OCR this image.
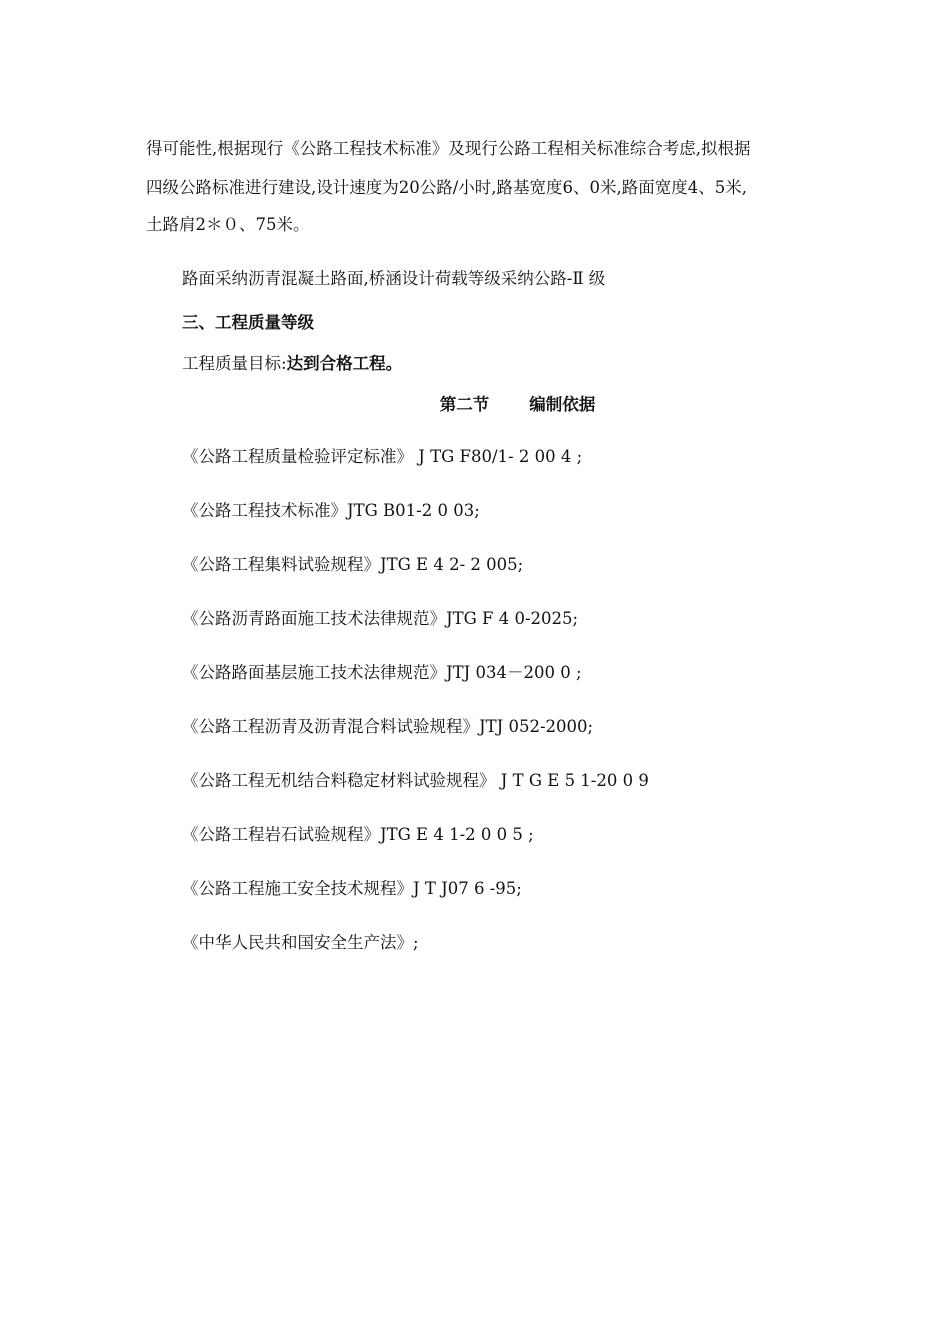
得可能性,根据现行《公路工程技术标准》及现行公路工程相关标准综合考虑,拟根据
四级公路标准进行建设,设计速度为20公路/小时,路基宽度6、0米,路面宽度4、5米,
土路肩2＊０、75米。
路面采纳沥青混凝土路面,桥涵设计荷载等级采纳公路-Ⅱ 级
三、工程质量等级
工程质量目标:达到合格工程。
第二节 编制依据
《公路工程质量检验评定标准》 J TG F80/1- 2 00 4 ;
《公路工程技术标准》JTG B01-2 0 03;
《公路工程集料试验规程》JTG E 4 2- 2 005;
《公路沥青路面施工技术法律规范》JTG F 4 0-2025;
《公路路面基层施工技术法律规范》JTJ 034－200 0 ;
《公路工程沥青及沥青混合料试验规程》JTJ 052-2000;
《公路工程无机结合料稳定材料试验规程》 J T G E 5 1-20 0 9
《公路工程岩石试验规程》JTG E 4 1-2 0 0 5 ;
《公路工程施工安全技术规程》J T J07 6 -95;
《中华人民共和国安全生产法》;
